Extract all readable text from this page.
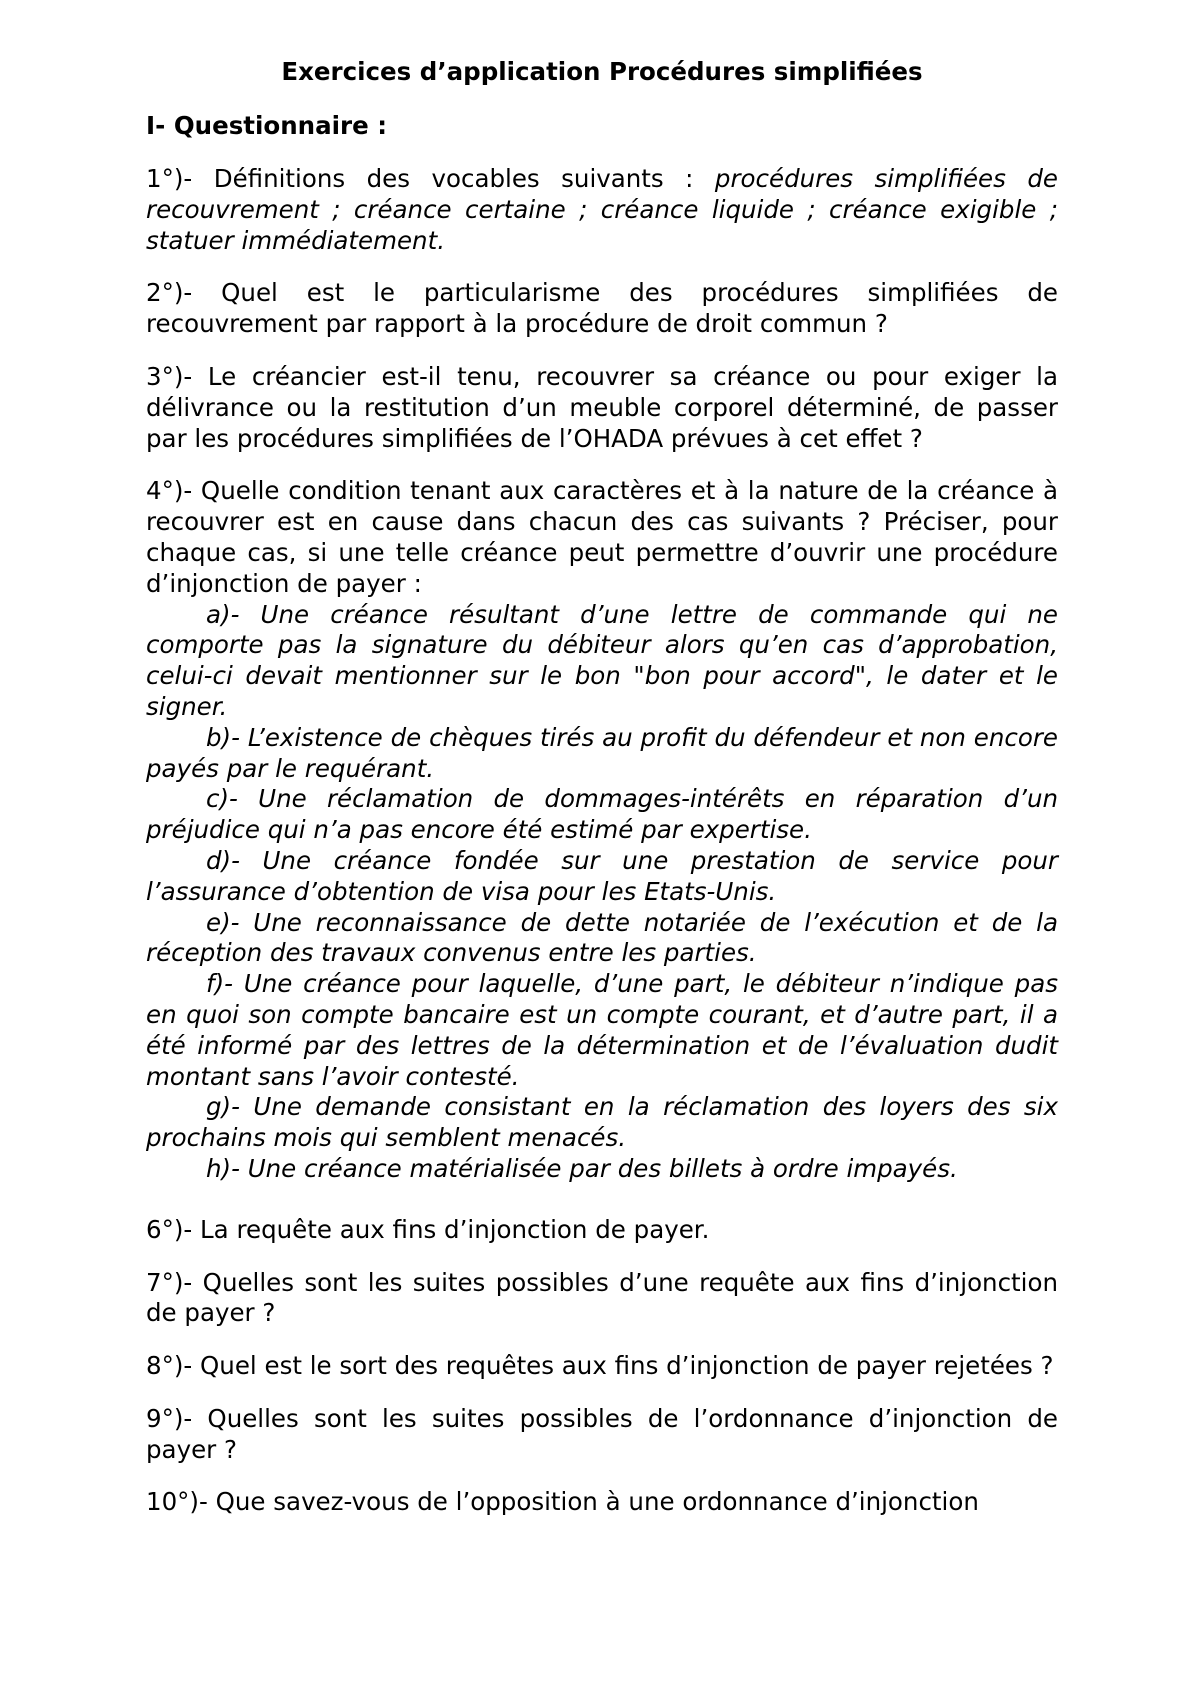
Exercices d’application Procédures simplifiées
I- Questionnaire :

1°)- Définitions des vocables suivants : procédures simplifiées de recouvrement ; créance certaine ; créance liquide ; créance exigible ; statuer immédiatement.

2°)- Quel est le particularisme des procédures simplifiées de recouvrement par rapport à la procédure de droit commun ?

3°)- Le créancier est-il tenu, recouvrer sa créance ou pour exiger la délivrance ou la restitution d’un meuble corporel déterminé, de passer par les procédures simplifiées de l’OHADA prévues à cet effet ?

4°)- Quelle condition tenant aux caractères et à la nature de la créance à recouvrer est en cause dans chacun des cas suivants ? Préciser, pour chaque cas, si une telle créance peut permettre d’ouvrir une procédure d’injonction de payer :

a)- Une créance résultant d’une lettre de commande qui ne comporte pas la signature du débiteur alors qu’en cas d’approbation, celui-ci devait mentionner sur le bon "bon pour accord", le dater et le signer.

b)- L’existence de chèques tirés au profit du défendeur et non encore payés par le requérant.

c)- Une réclamation de dommages-intérêts en réparation d’un préjudice qui n’a pas encore été estimé par expertise.

d)- Une créance fondée sur une prestation de service pour l’assurance d’obtention de visa pour les Etats-Unis.

e)- Une reconnaissance de dette notariée de l’exécution et de la réception des travaux convenus entre les parties.

f)- Une créance pour laquelle, d’une part, le débiteur n’indique pas en quoi son compte bancaire est un compte courant, et d’autre part, il a été informé par des lettres de la détermination et de l’évaluation dudit montant sans l’avoir contesté.

g)- Une demande consistant en la réclamation des loyers des six prochains mois qui semblent menacés.

h)- Une créance matérialisée par des billets à ordre impayés.

6°)- La requête aux fins d’injonction de payer.

7°)- Quelles sont les suites possibles d’une requête aux fins d’injonction de payer ?

8°)- Quel est le sort des requêtes aux fins d’injonction de payer rejetées ?

9°)- Quelles sont les suites possibles de l’ordonnance d’injonction de payer ?

10°)- Que savez-vous de l’opposition à une ordonnance d’injonction
